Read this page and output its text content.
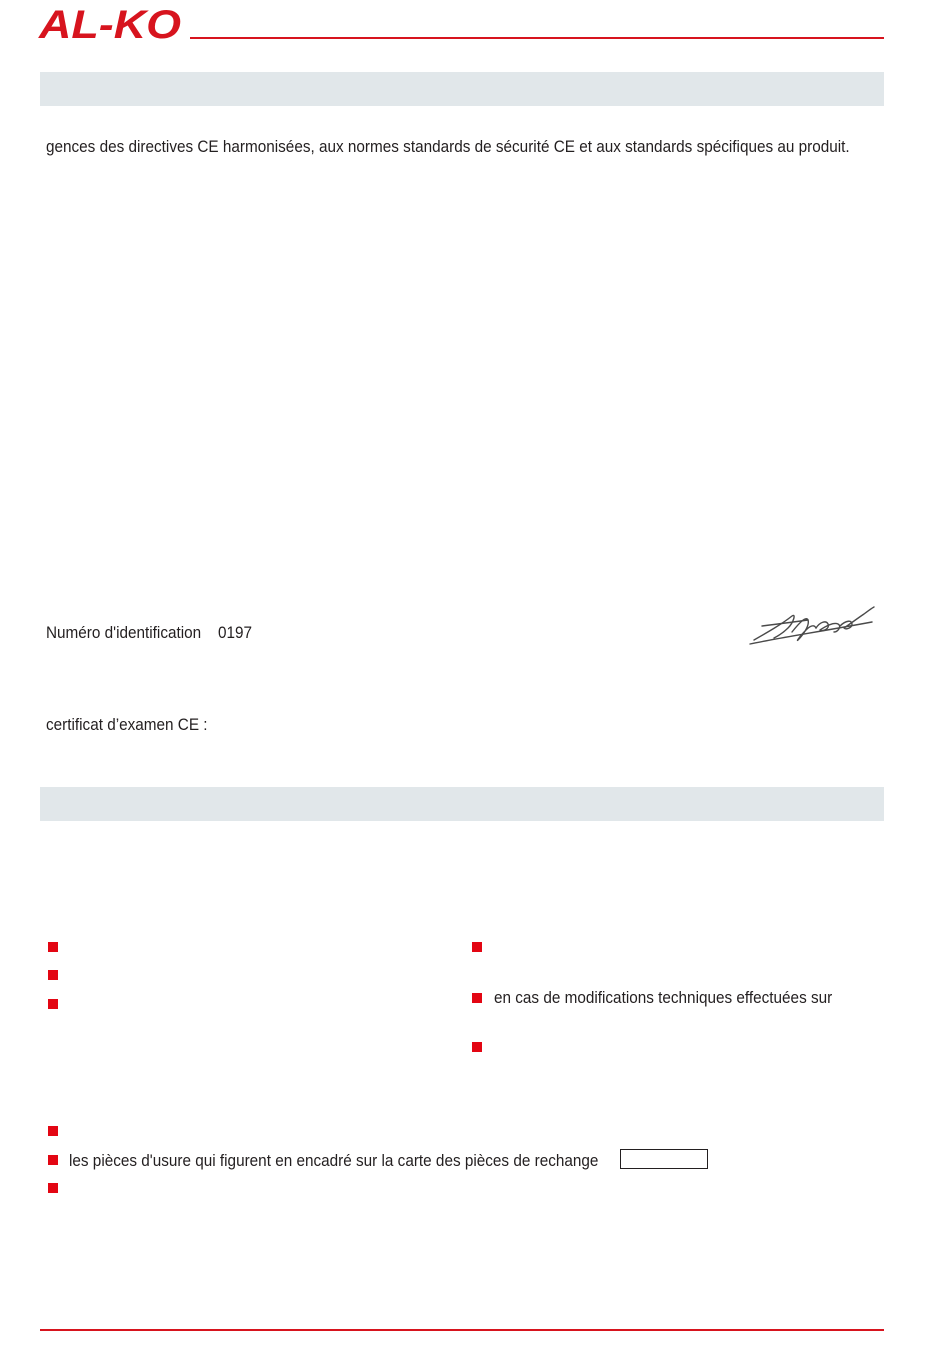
AL-KO
gences des directives CE harmonisées, aux normes standards de sécurité CE et aux standards spécifiques au produit.
Numéro d'identification 0197
certificat d’examen CE :
en cas de modifications techniques effectuées sur
les pièces d'usure qui figurent en encadré sur la carte des pièces de rechange
